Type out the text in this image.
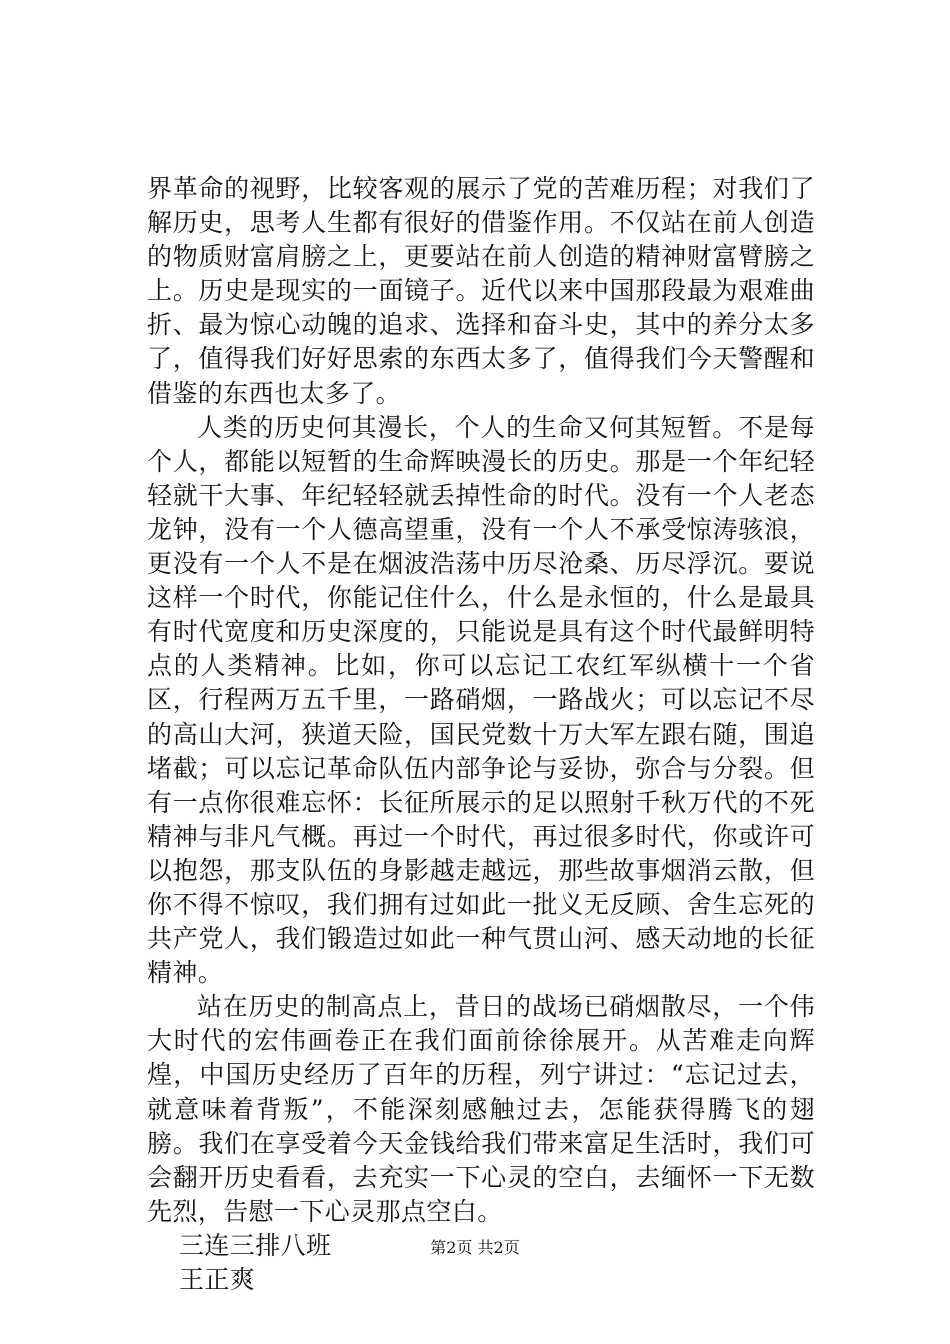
界革命的视野，比较客观的展示了党的苦难历程；对我们了解历史，思考人生都有很好的借鉴作用。不仅站在前人创造的物质财富肩膀之上，更要站在前人创造的精神财富臂膀之上。历史是现实的一面镜子。近代以来中国那段最为艰难曲折、最为惊心动魄的追求、选择和奋斗史，其中的养分太多了，值得我们好好思索的东西太多了，值得我们今天警醒和借鉴的东西也太多了。

人类的历史何其漫长，个人的生命又何其短暂。不是每个人，都能以短暂的生命辉映漫长的历史。那是一个年纪轻轻就干大事、年纪轻轻就丢掉性命的时代。没有一个人老态龙钟，没有一个人德高望重，没有一个人不承受惊涛骇浪，更没有一个人不是在烟波浩荡中历尽沧桑、历尽浮沉。要说这样一个时代，你能记住什么，什么是永恒的，什么是最具有时代宽度和历史深度的，只能说是具有这个时代最鲜明特点的人类精神。比如，你可以忘记工农红军纵横十一个省区，行程两万五千里，一路硝烟，一路战火；可以忘记不尽的高山大河，狭道天险，国民党数十万大军左跟右随，围追堵截；可以忘记革命队伍内部争论与妥协，弥合与分裂。但有一点你很难忘怀：长征所展示的足以照射千秋万代的不死精神与非凡气概。再过一个时代，再过很多时代，你或许可以抱怨，那支队伍的身影越走越远，那些故事烟消云散，但你不得不惊叹，我们拥有过如此一批义无反顾、舍生忘死的共产党人，我们锻造过如此一种气贯山河、感天动地的长征精神。

站在历史的制高点上，昔日的战场已硝烟散尽，一个伟大时代的宏伟画卷正在我们面前徐徐展开。从苦难走向辉煌，中国历史经历了百年的历程，列宁讲过：“忘记过去，就意味着背叛”，不能深刻感触过去，怎能获得腾飞的翅膀。我们在享受着今天金钱给我们带来富足生活时，我们可会翻开历史看看，去充实一下心灵的空白，去缅怀一下无数先烈，告慰一下心灵那点空白。

三连三排八班

王正爽

第2页 共2页
